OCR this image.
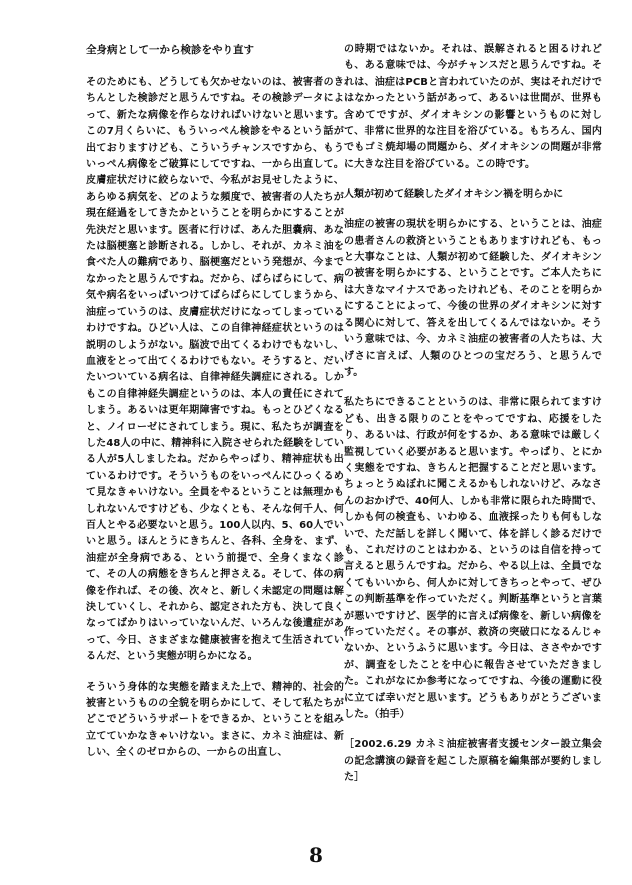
全身病として一から検診をやり直す

そのためにも、どうしても欠かせないのは、被害者のきちんとした検診だと思うんですね。その検診データによって、新たな病像を作らなければいけないと思います。この7月くらいに、もういっぺん検診をやるという話が出ておりますけども、こういうチャンスですから、もういっぺん病像をご破算にしてですね、一から出直して。皮膚症状だけに絞らないで、今私がお見せしたように、あらゆる病気を、どのような頻度で、被害者の人たちが現在経過をしてきたかということを明らかにすることが先決だと思います。医者に行けば、あんた胆嚢病、あなたは脳梗塞と診断される。しかし、それが、カネミ油を食べた人の難病であり、脳梗塞だという発想が、今までなかったと思うんですね。だから、ばらばらにして、病気や病名をいっぱいつけてばらばらにしてしまうから、油症っていうのは、皮膚症状だけになってしまっているわけですね。ひどい人は、この自律神経症状というのは説明のしようがない。脳波で出てくるわけでもないし、血液をとって出てくるわけでもない。そうすると、だいたいついている病名は、自律神経失調症にされる。しかもこの自律神経失調症というのは、本人の責任にされてしまう。あるいは更年期障害ですね。もっとひどくなると、ノイローゼにされてしまう。現に、私たちが調査をした48人の中に、精神科に入院させられた経験をしている人が5人しましたね。だからやっぱり、精神症状も出ているわけです。そういうものをいっぺんにひっくるめて見なきゃいけない。全員をやるということは無理かもしれないんですけども、少なくとも、そんな何千人、何百人とやる必要ないと思う。100人以内、5、60人でいいと思う。ほんとうにきちんと、各科、全身を、まず、油症が全身病である、という前提で、全身くまなく診て、その人の病態をきちんと押さえる。そして、体の病像を作れば、その後、次々と、新しく未認定の問題は解決していくし、それから、認定された方も、決して良くなってばかりはいっていないんだ、いろんな後遺症があって、今日、さまざまな健康被害を抱えて生活されているんだ、という実態が明らかになる。

そういう身体的な実態を踏まえた上で、精神的、社会的被害というものの全貌を明らかにして、そして私たちがどこでどういうサポートをできるか、ということを組み立てていかなきゃいけない。まさに、カネミ油症は、新しい、全くのゼロからの、一からの出直し、

の時期ではないか。それは、誤解されると困るけれども、ある意味では、今がチャンスだと思うんですね。それは、油症はPCBと言われていたのが、実はそれだけではなかったという話があって、あるいは世間が、世界も含めてですが、ダイオキシンの影響というものに対して、非常に世界的な注目を浴びている。もちろん、国内でもゴミ焼却場の問題から、ダイオキシンの問題が非常に大きな注目を浴びている。この時です。

人類が初めて経験したダイオキシン禍を明らかに

油症の被害の現状を明らかにする、ということは、油症の患者さんの救済ということもありますけれども、もっと大事なことは、人類が初めて経験した、ダイオキシンの被害を明らかにする、ということです。ご本人たちには大きなマイナスであったけれども、そのことを明らかにすることによって、今後の世界のダイオキシンに対する関心に対して、答えを出してくるんではないか。そういう意味では、今、カネミ油症の被害者の人たちは、大げさに言えば、人類のひとつの宝だろう、と思うんです。

私たちにできることというのは、非常に限られてますけども、出きる限りのことをやってですね、応援をしたり、あるいは、行政が何をするか、ある意味では厳しく監視していく必要があると思います。やっぱり、とにかく実態をですね、きちんと把握することだと思います。ちょっとうぬぼれに聞こえるかもしれないけど、みなさんのおかげで、40何人、しかも非常に限られた時間で、しかも何の検査も、いわゆる、血液採ったりも何もしないで、ただ話しを詳しく聞いて、体を詳しく診るだけでも、これだけのことはわかる、というのは自信を持って言えると思うんですね。だから、やる以上は、全員でなくてもいいから、何人かに対してきちっとやって、ぜひこの判断基準を作っていただく。判断基準というと言葉が悪いですけど、医学的に言えば病像を、新しい病像を作っていただく。その事が、救済の突破口になるんじゃないか、というふうに思います。今日は、ささやかですが、調査をしたことを中心に報告させていただきました。これがなにか参考になってですね、今後の運動に役に立てば幸いだと思います。どうもありがとうございました。（拍手）

［2002.6.29 カネミ油症被害者支援センター設立集会の記念講演の録音を起こした原稿を編集部が要約しました］

8
